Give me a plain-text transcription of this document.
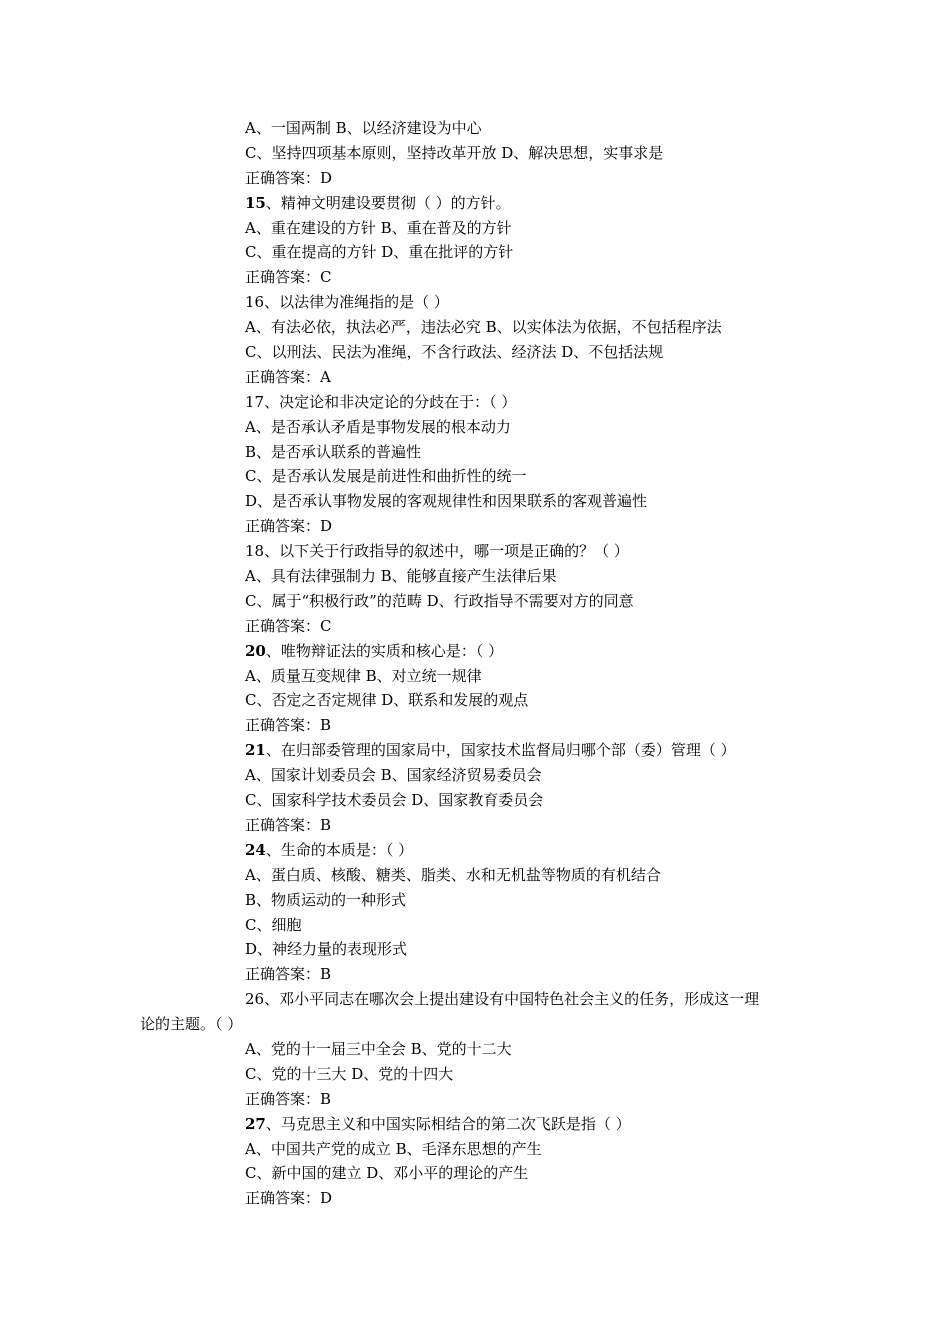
A、一国两制 B、以经济建设为中心
C、坚持四项基本原则，坚持改革开放 D、解决思想，实事求是
正确答案：D
15、精神文明建设要贯彻（ ）的方针。
A、重在建设的方针 B、重在普及的方针
C、重在提高的方针 D、重在批评的方针
正确答案：C
16、以法律为准绳指的是（ ）
A、有法必依，执法必严，违法必究 B、以实体法为依据，不包括程序法
C、以刑法、民法为准绳，不含行政法、经济法 D、不包括法规
正确答案：A
17、决定论和非决定论的分歧在于：（ ）
A、是否承认矛盾是事物发展的根本动力
B、是否承认联系的普遍性
C、是否承认发展是前进性和曲折性的统一
D、是否承认事物发展的客观规律性和因果联系的客观普遍性
正确答案：D
18、以下关于行政指导的叙述中，哪一项是正确的？（ ）
A、具有法律强制力 B、能够直接产生法律后果
C、属于“积极行政”的范畴 D、行政指导不需要对方的同意
正确答案：C
20、唯物辩证法的实质和核心是：（ ）
A、质量互变规律 B、对立统一规律
C、否定之否定规律 D、联系和发展的观点
正确答案：B
21、在归部委管理的国家局中，国家技术监督局归哪个部（委）管理（ ）
A、国家计划委员会 B、国家经济贸易委员会
C、国家科学技术委员会 D、国家教育委员会
正确答案：B
24、生命的本质是：（ ）
A、蛋白质、核酸、糖类、脂类、水和无机盐等物质的有机结合
B、物质运动的一种形式
C、细胞
D、神经力量的表现形式
正确答案：B
26、邓小平同志在哪次会上提出建设有中国特色社会主义的任务，形成这一理
论的主题。（ ）
A、党的十一届三中全会 B、党的十二大
C、党的十三大 D、党的十四大
正确答案：B
27、马克思主义和中国实际相结合的第二次飞跃是指（ ）
A、中国共产党的成立 B、毛泽东思想的产生
C、新中国的建立 D、邓小平的理论的产生
正确答案：D
